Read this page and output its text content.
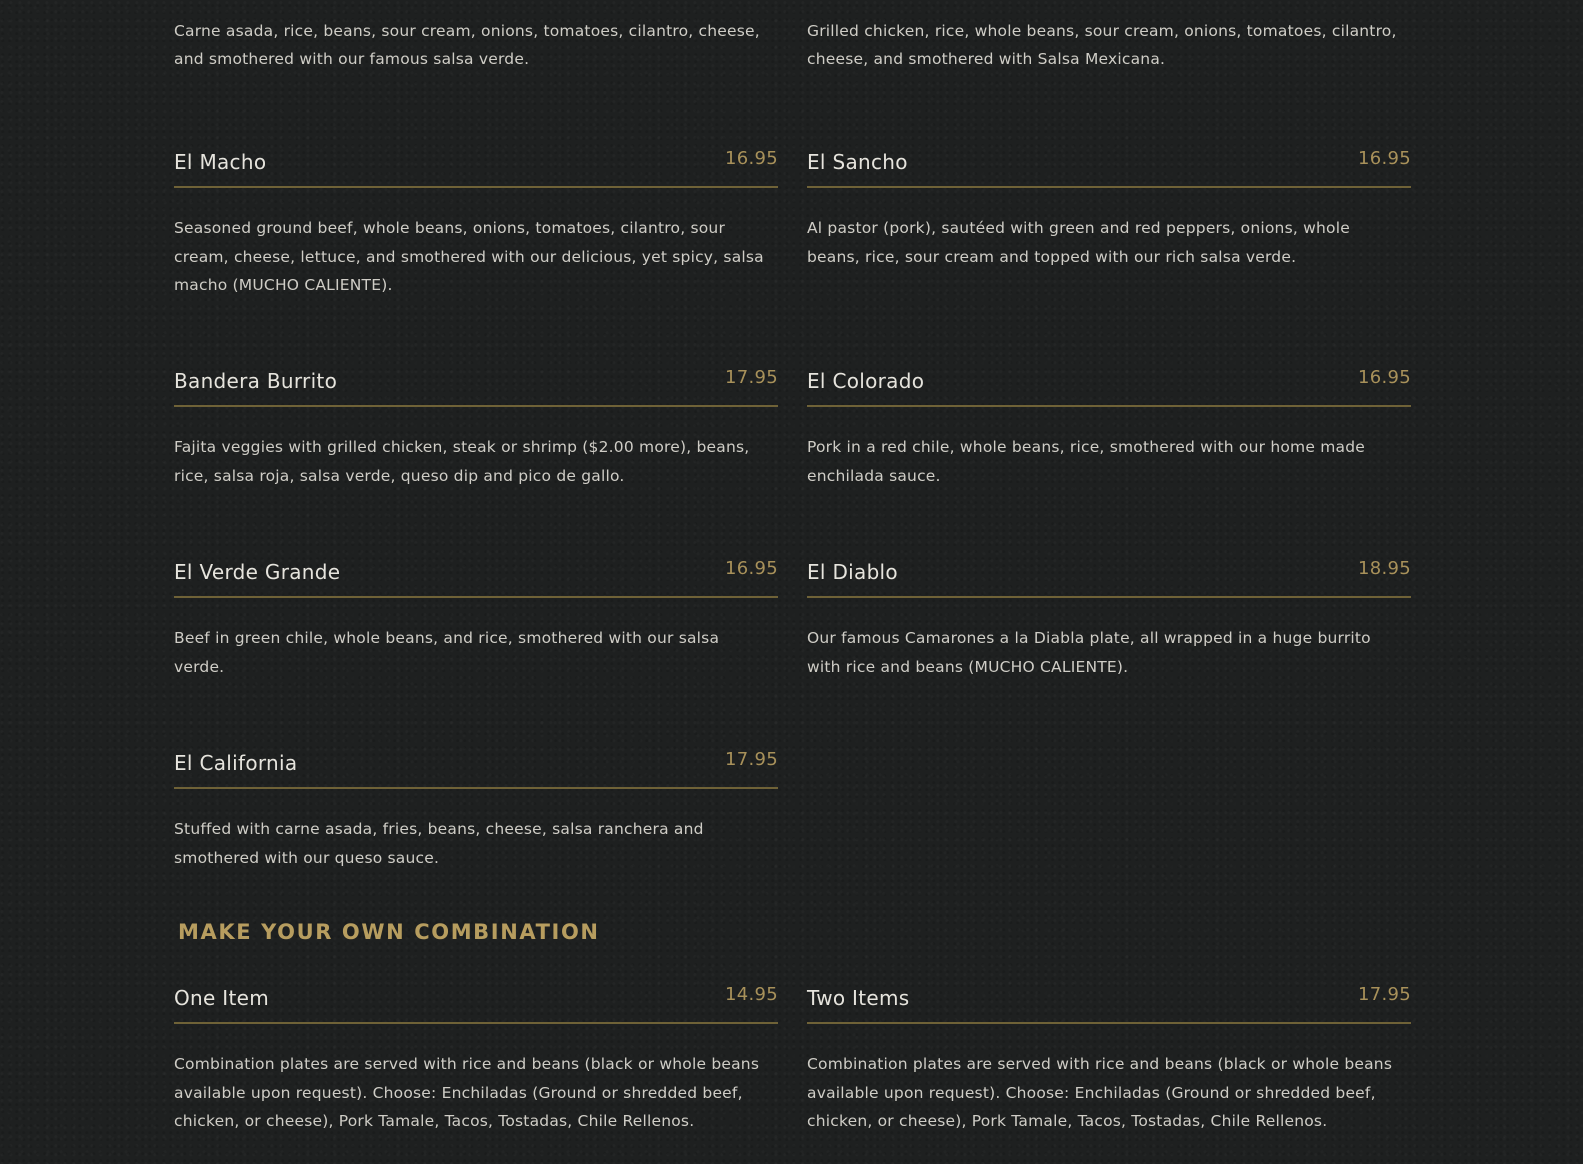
Carne asada, rice, beans, sour cream, onions, tomatoes, cilantro, cheese, and smothered with our famous salsa verde.
Grilled chicken, rice, whole beans, sour cream, onions, tomatoes, cilantro, cheese, and smothered with Salsa Mexicana.
El Macho	16.95
Seasoned ground beef, whole beans, onions, tomatoes, cilantro, sour cream, cheese, lettuce, and smothered with our delicious, yet spicy, salsa macho (MUCHO CALIENTE).
El Sancho	16.95
Al pastor (pork), sautéed with green and red peppers, onions, whole beans, rice, sour cream and topped with our rich salsa verde.
Bandera Burrito	17.95
Fajita veggies with grilled chicken, steak or shrimp ($2.00 more), beans, rice, salsa roja, salsa verde, queso dip and pico de gallo.
El Colorado	16.95
Pork in a red chile, whole beans, rice, smothered with our home made enchilada sauce.
El Verde Grande	16.95
Beef in green chile, whole beans, and rice, smothered with our salsa verde.
El Diablo	18.95
Our famous Camarones a la Diabla plate, all wrapped in a huge burrito with rice and beans (MUCHO CALIENTE).
El California	17.95
Stuffed with carne asada, fries, beans, cheese, salsa ranchera and smothered with our queso sauce.
MAKE YOUR OWN COMBINATION
One Item	14.95
Combination plates are served with rice and beans (black or whole beans available upon request). Choose: Enchiladas (Ground or shredded beef, chicken, or cheese), Pork Tamale, Tacos, Tostadas, Chile Rellenos.
Two Items	17.95
Combination plates are served with rice and beans (black or whole beans available upon request). Choose: Enchiladas (Ground or shredded beef, chicken, or cheese), Pork Tamale, Tacos, Tostadas, Chile Rellenos.
